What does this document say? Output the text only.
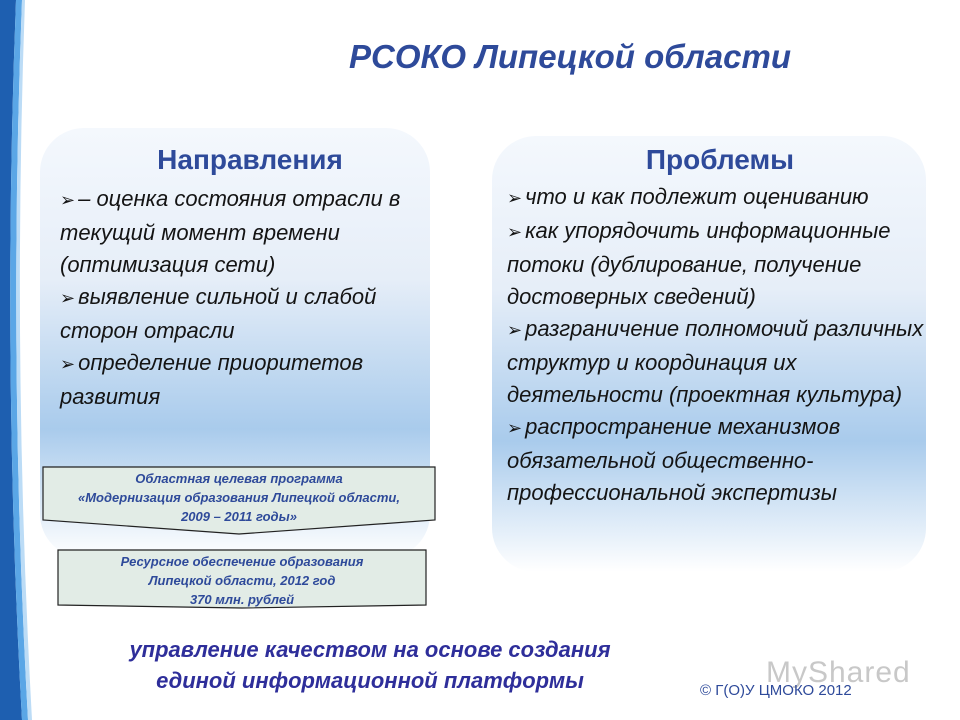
РСОКО Липецкой области
Направления	Проблемы
➢ – оценка состояния отрасли в текущий момент времени (оптимизация сети)
➢ выявление сильной и слабой сторон отрасли
➢ определение приоритетов развития
➢ что и как подлежит оцениванию
➢ как упорядочить информационные потоки (дублирование, получение достоверных сведений)
➢ разграничение полномочий различных структур и координация их деятельности (проектная культура)
➢ распространение механизмов обязательной общественно-профессиональной экспертизы
Областная целевая программа
«Модернизация образования Липецкой области,
2009 – 2011 годы»
Ресурсное обеспечение образования
Липецкой области, 2012 год
370 млн. рублей
управление качеством на основе создания
единой информационной платформы	MyShared
© Г(О)У ЦМОКО 2012
